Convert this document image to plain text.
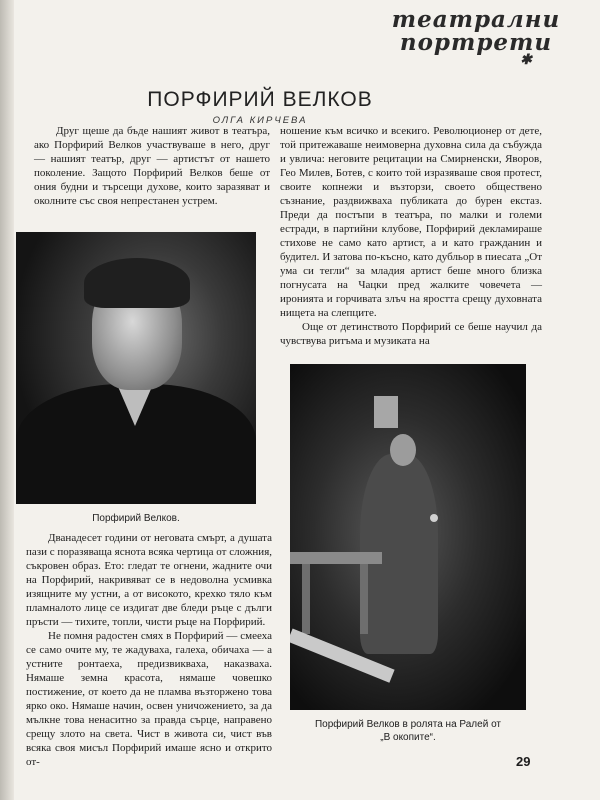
театрални
портрети
✱
ПОРФИРИЙ ВЕЛКОВ
ОЛГА КИРЧЕВА

Друг щеше да бъде нашият живот в театъра, ако Порфирий Велков участвуваше в него, друг — нашият театър, друг — артистът от нашето поколение. Защото Порфирий Велков беше от ония будни и търсещи духове, които заразяват и околните със своя непрестанен устрем.

Порфирий Велков.

Дванадесет години от неговата смърт, а душата пази с поразяваща яснота всяка чертица от сложния, съкровен образ. Ето: гледат те огнени, жадните очи на Порфирий, накривяват се в недоволна усмивка изящните му устни, а от високото, крехко тяло към пламналото лице се издигат две бледи ръце с дълги пръсти — тихите, топли, чисти ръце на Порфирий.

Не помня радостен смях в Порфирий — смееха се само очите му, те жадуваха, галеха, обичаха — а устните ронтаеха, предизвикваха, наказваха. Нямаше земна красота, нямаше човешко постижение, от което да не пламва възторжено това ярко око. Нямаше начин, освен уничожението, за да мълкне това ненаситно за правда сърце, направено срещу злото на света. Чист в живота си, чист във всяка своя мисъл Порфирий имаше ясно и открито от-

ношение към всичко и всекиго. Революционер от дете, той притежаваше неимоверна духовна сила да събужда и увлича: неговите рецитации на Смирненски, Яворов, Гео Милев, Ботев, с които той изразяваше своя протест, своите копнежи и възторзи, своето обществено съзнание, раздвижваха публиката до бурен екстаз. Преди да постъпи в театъра, по малки и големи естради, в партийни клубове, Порфирий декламираше стихове не само като артист, а и като гражданин и будител. И затова по-късно, като дубльор в пиесата „От ума си тегли“ за младия артист беше много близка погнусата на Чацки пред жалките човечета — иронията и горчивата злъч на яростта срещу духовната нищета на слепците.

Още от детинството Порфирий се беше научил да чувствува ритъма и музиката на

Порфирий Велков в ролята на Ралей от
„В окопите“.
29
